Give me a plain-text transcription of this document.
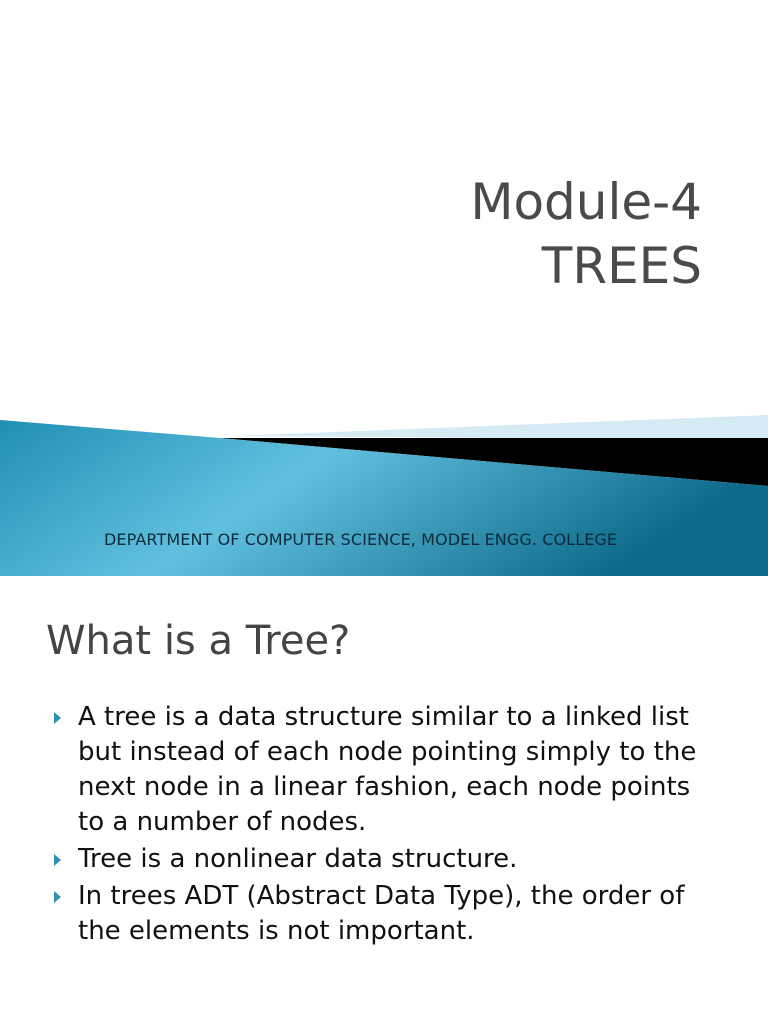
Module-4
TREES
DEPARTMENT OF COMPUTER SCIENCE, MODEL ENGG. COLLEGE
What is a Tree?
A tree is a data structure similar to a linked list but instead of each node pointing simply to the next node in a linear fashion, each node points to a number of nodes.
Tree is a nonlinear data structure.
In trees ADT (Abstract Data Type), the order of the elements is not important.
